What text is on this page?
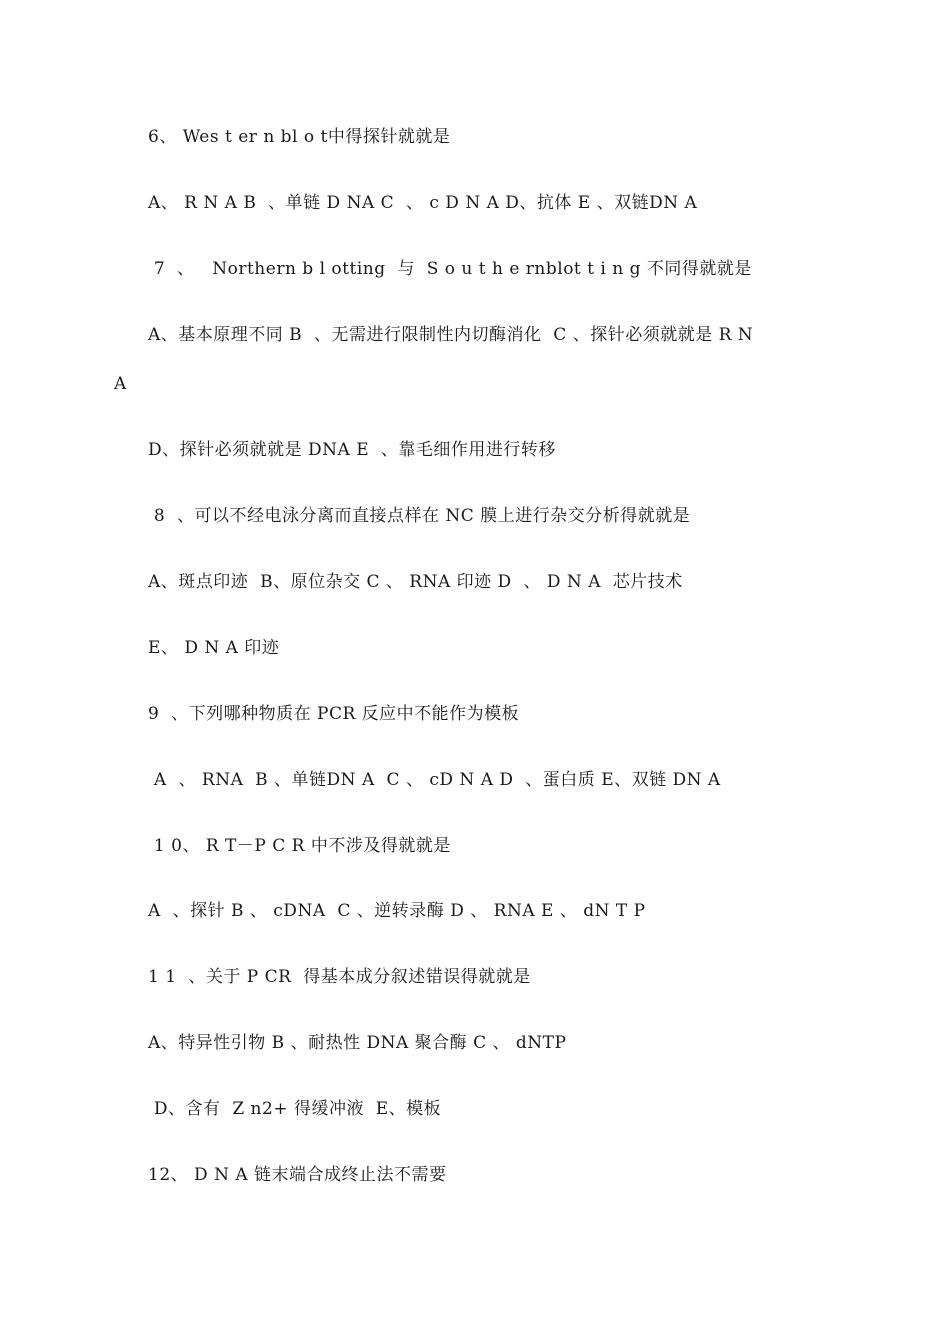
6、 Wes t er n bl o t中得探针就就是
A、 R N A B  、单链 D NA C  、 c D N A D、抗体 E 、双链DN A
7  、   Northern b l otting  与  S o u t h e rnblot t i n g 不同得就就是
A、基本原理不同 B  、无需进行限制性内切酶消化  C 、探针必须就就是 R N
A
D、探针必须就就是 DNA E  、靠毛细作用进行转移
8  、可以不经电泳分离而直接点样在 NC 膜上进行杂交分析得就就是
A、斑点印迹  B、原位杂交 C 、 RNA 印迹 D  、 D N A  芯片技术
E、 D N A 印迹
9  、下列哪种物质在 PCR 反应中不能作为模板
A  、 RNA  B 、单链DN A  C 、 cD N A D  、蛋白质 E、双链 DN A
1 0、 R T－P C R 中不涉及得就就是
A  、探针 B 、 cDNA  C 、逆转录酶 D 、 RNA E 、 dN T P
1 1  、关于 P CR  得基本成分叙述错误得就就是
A、特异性引物 B 、耐热性 DNA 聚合酶 C 、 dNTP
D、含有  Z n2+ 得缓冲液  E、模板
12、 D N A 链末端合成终止法不需要
